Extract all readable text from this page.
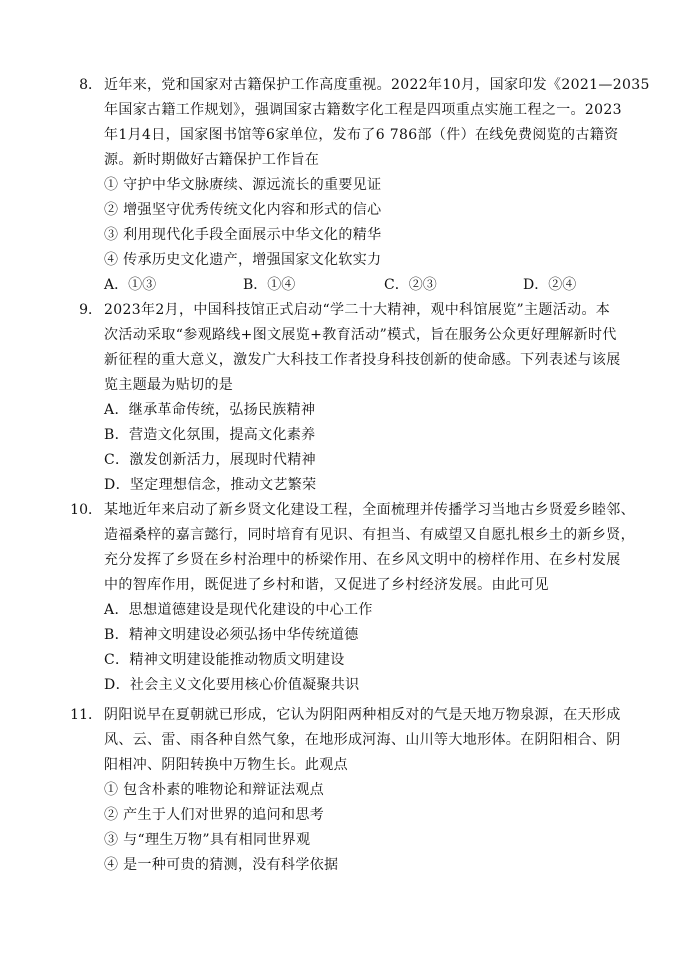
8． 近年来，党和国家对古籍保护工作高度重视。2022年10月，国家印发《2021—2035
年国家古籍工作规划》，强调国家古籍数字化工程是四项重点实施工程之一。2023
年1月4日，国家图书馆等6家单位，发布了6 786部（件）在线免费阅览的古籍资
源。新时期做好古籍保护工作旨在
① 守护中华文脉赓续、源远流长的重要见证
② 增强坚守优秀传统文化内容和形式的信心
③ 利用现代化手段全面展示中华文化的精华
④ 传承历史文化遗产，增强国家文化软实力
A．①③	B．①④	C．②③	D．②④
9． 2023年2月，中国科技馆正式启动“学二十大精神，观中科馆展览”主题活动。本
次活动采取“参观路线+图文展览+教育活动”模式，旨在服务公众更好理解新时代
新征程的重大意义，激发广大科技工作者投身科技创新的使命感。下列表述与该展
览主题最为贴切的是
A．继承革命传统，弘扬民族精神
B．营造文化氛围，提高文化素养
C．激发创新活力，展现时代精神
D．坚定理想信念，推动文艺繁荣
10． 某地近年来启动了新乡贤文化建设工程，全面梳理并传播学习当地古乡贤爱乡睦邻、
造福桑梓的嘉言懿行，同时培育有见识、有担当、有威望又自愿扎根乡土的新乡贤，
充分发挥了乡贤在乡村治理中的桥梁作用、在乡风文明中的榜样作用、在乡村发展
中的智库作用，既促进了乡村和谐，又促进了乡村经济发展。由此可见
A．思想道德建设是现代化建设的中心工作
B．精神文明建设必须弘扬中华传统道德
C．精神文明建设能推动物质文明建设
D．社会主义文化要用核心价值凝聚共识
11． 阴阳说早在夏朝就已形成，它认为阴阳两种相反对的气是天地万物泉源，在天形成
风、云、雷、雨各种自然气象，在地形成河海、山川等大地形体。在阴阳相合、阴
阳相冲、阴阳转换中万物生长。此观点
① 包含朴素的唯物论和辩证法观点
② 产生于人们对世界的追问和思考
③ 与“理生万物”具有相同世界观
④ 是一种可贵的猜测，没有科学依据
